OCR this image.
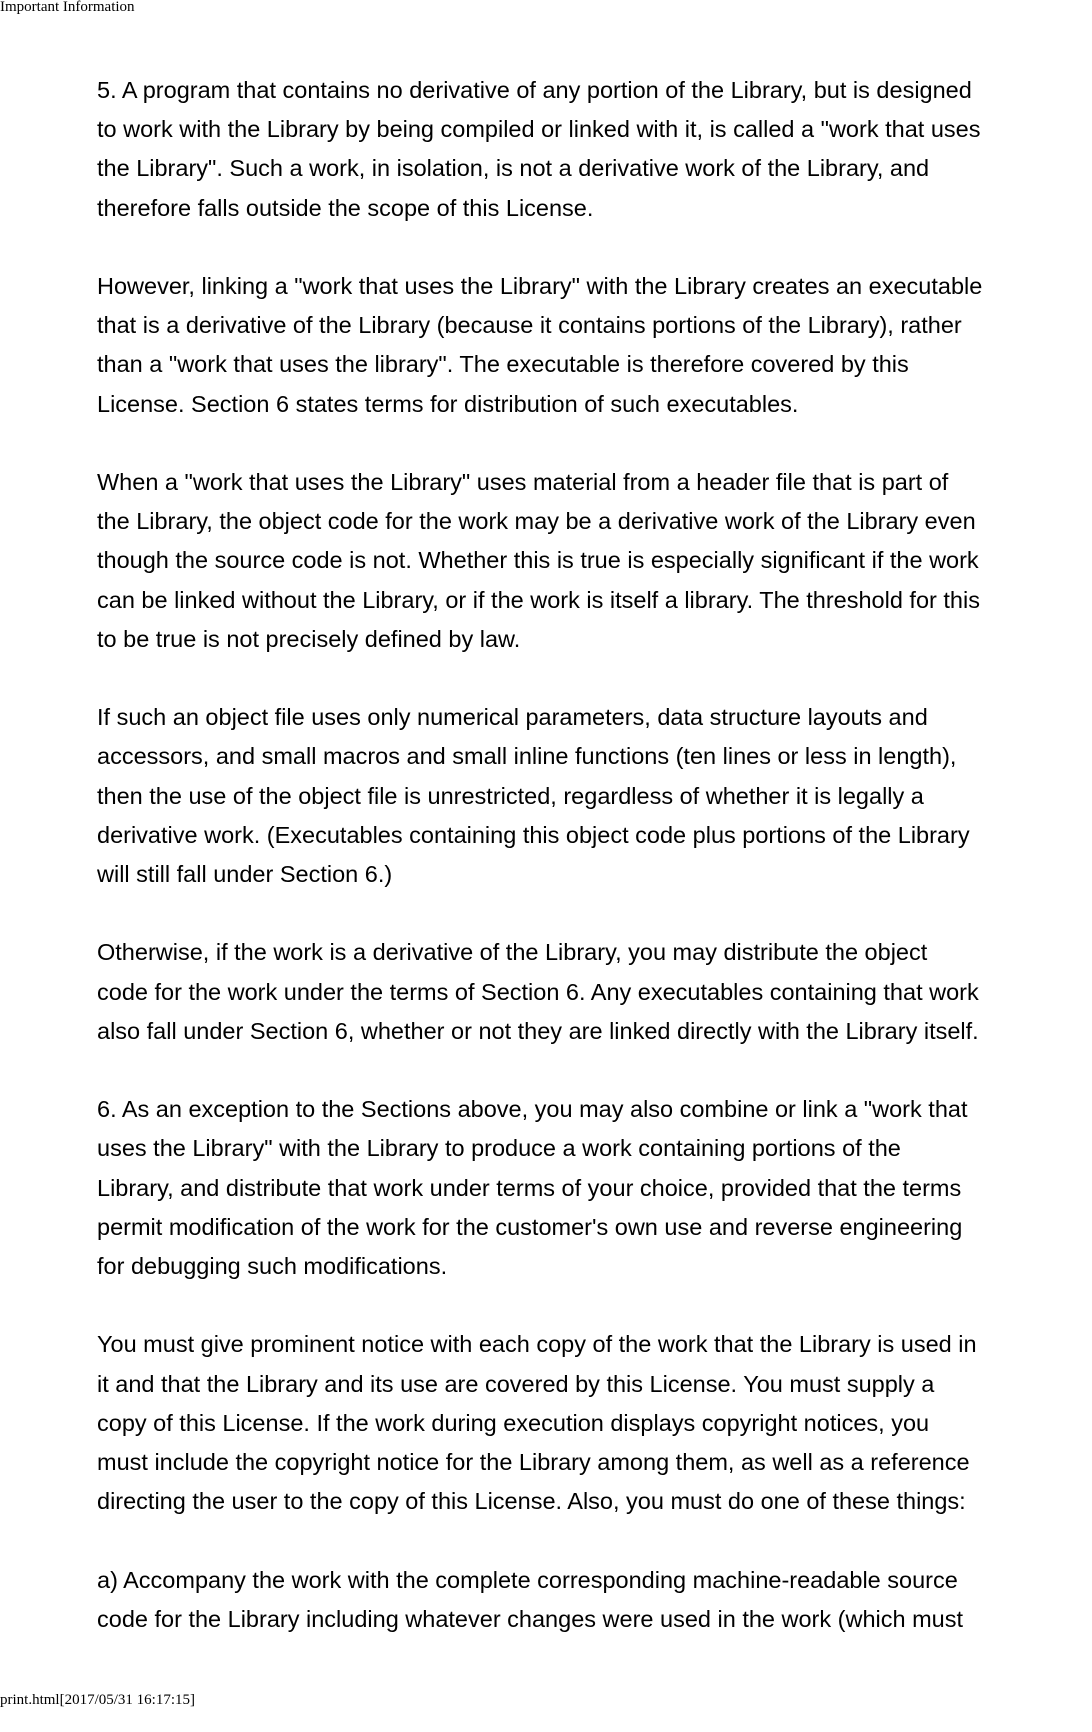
Important Information
5. A program that contains no derivative of any portion of the Library, but is designed
to work with the Library by being compiled or linked with it, is called a "work that uses
the Library". Such a work, in isolation, is not a derivative work of the Library, and
therefore falls outside the scope of this License.
However, linking a "work that uses the Library" with the Library creates an executable
that is a derivative of the Library (because it contains portions of the Library), rather
than a "work that uses the library". The executable is therefore covered by this
License. Section 6 states terms for distribution of such executables.
When a "work that uses the Library" uses material from a header file that is part of
the Library, the object code for the work may be a derivative work of the Library even
though the source code is not. Whether this is true is especially significant if the work
can be linked without the Library, or if the work is itself a library. The threshold for this
to be true is not precisely defined by law.
If such an object file uses only numerical parameters, data structure layouts and
accessors, and small macros and small inline functions (ten lines or less in length),
then the use of the object file is unrestricted, regardless of whether it is legally a
derivative work. (Executables containing this object code plus portions of the Library
will still fall under Section 6.)
Otherwise, if the work is a derivative of the Library, you may distribute the object
code for the work under the terms of Section 6. Any executables containing that work
also fall under Section 6, whether or not they are linked directly with the Library itself.
6. As an exception to the Sections above, you may also combine or link a "work that
uses the Library" with the Library to produce a work containing portions of the
Library, and distribute that work under terms of your choice, provided that the terms
permit modification of the work for the customer's own use and reverse engineering
for debugging such modifications.
You must give prominent notice with each copy of the work that the Library is used in
it and that the Library and its use are covered by this License. You must supply a
copy of this License. If the work during execution displays copyright notices, you
must include the copyright notice for the Library among them, as well as a reference
directing the user to the copy of this License. Also, you must do one of these things:
a) Accompany the work with the complete corresponding machine-readable source
code for the Library including whatever changes were used in the work (which must
print.html[2017/05/31 16:17:15]
